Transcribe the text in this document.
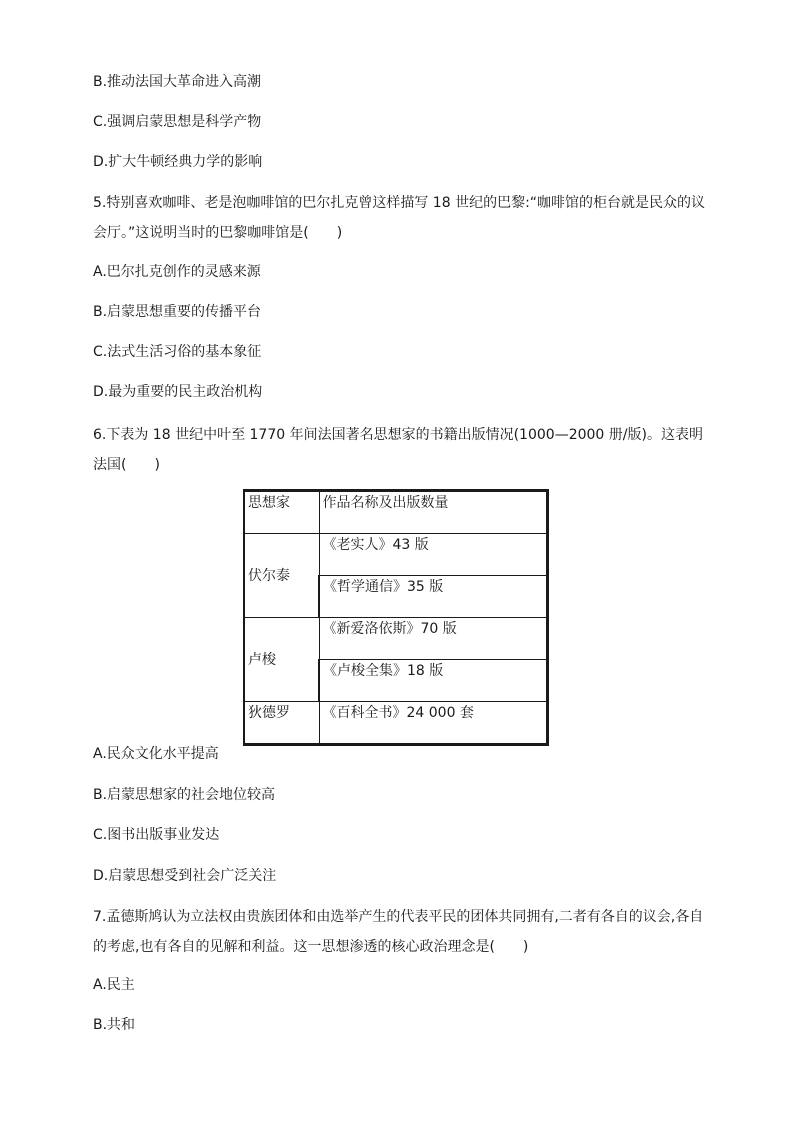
B.推动法国大革命进入高潮
C.强调启蒙思想是科学产物
D.扩大牛顿经典力学的影响
5.特别喜欢咖啡、老是泡咖啡馆的巴尔扎克曾这样描写 18 世纪的巴黎:“咖啡馆的柜台就是民众的议会厅。”这说明当时的巴黎咖啡馆是(　　)
A.巴尔扎克创作的灵感来源
B.启蒙思想重要的传播平台
C.法式生活习俗的基本象征
D.最为重要的民主政治机构
6.下表为 18 世纪中叶至 1770 年间法国著名思想家的书籍出版情况(1000—2000 册/版)。这表明法国(　　)
思想家	作品名称及出版数量
伏尔泰	《老实人》43 版
	《哲学通信》35 版
卢梭	《新爱洛依斯》70 版
	《卢梭全集》18 版
狄德罗	《百科全书》24 000 套
A.民众文化水平提高
B.启蒙思想家的社会地位较高
C.图书出版事业发达
D.启蒙思想受到社会广泛关注
7.孟德斯鸠认为立法权由贵族团体和由选举产生的代表平民的团体共同拥有,二者有各自的议会,各自的考虑,也有各自的见解和利益。这一思想渗透的核心政治理念是(　　)
A.民主
B.共和
